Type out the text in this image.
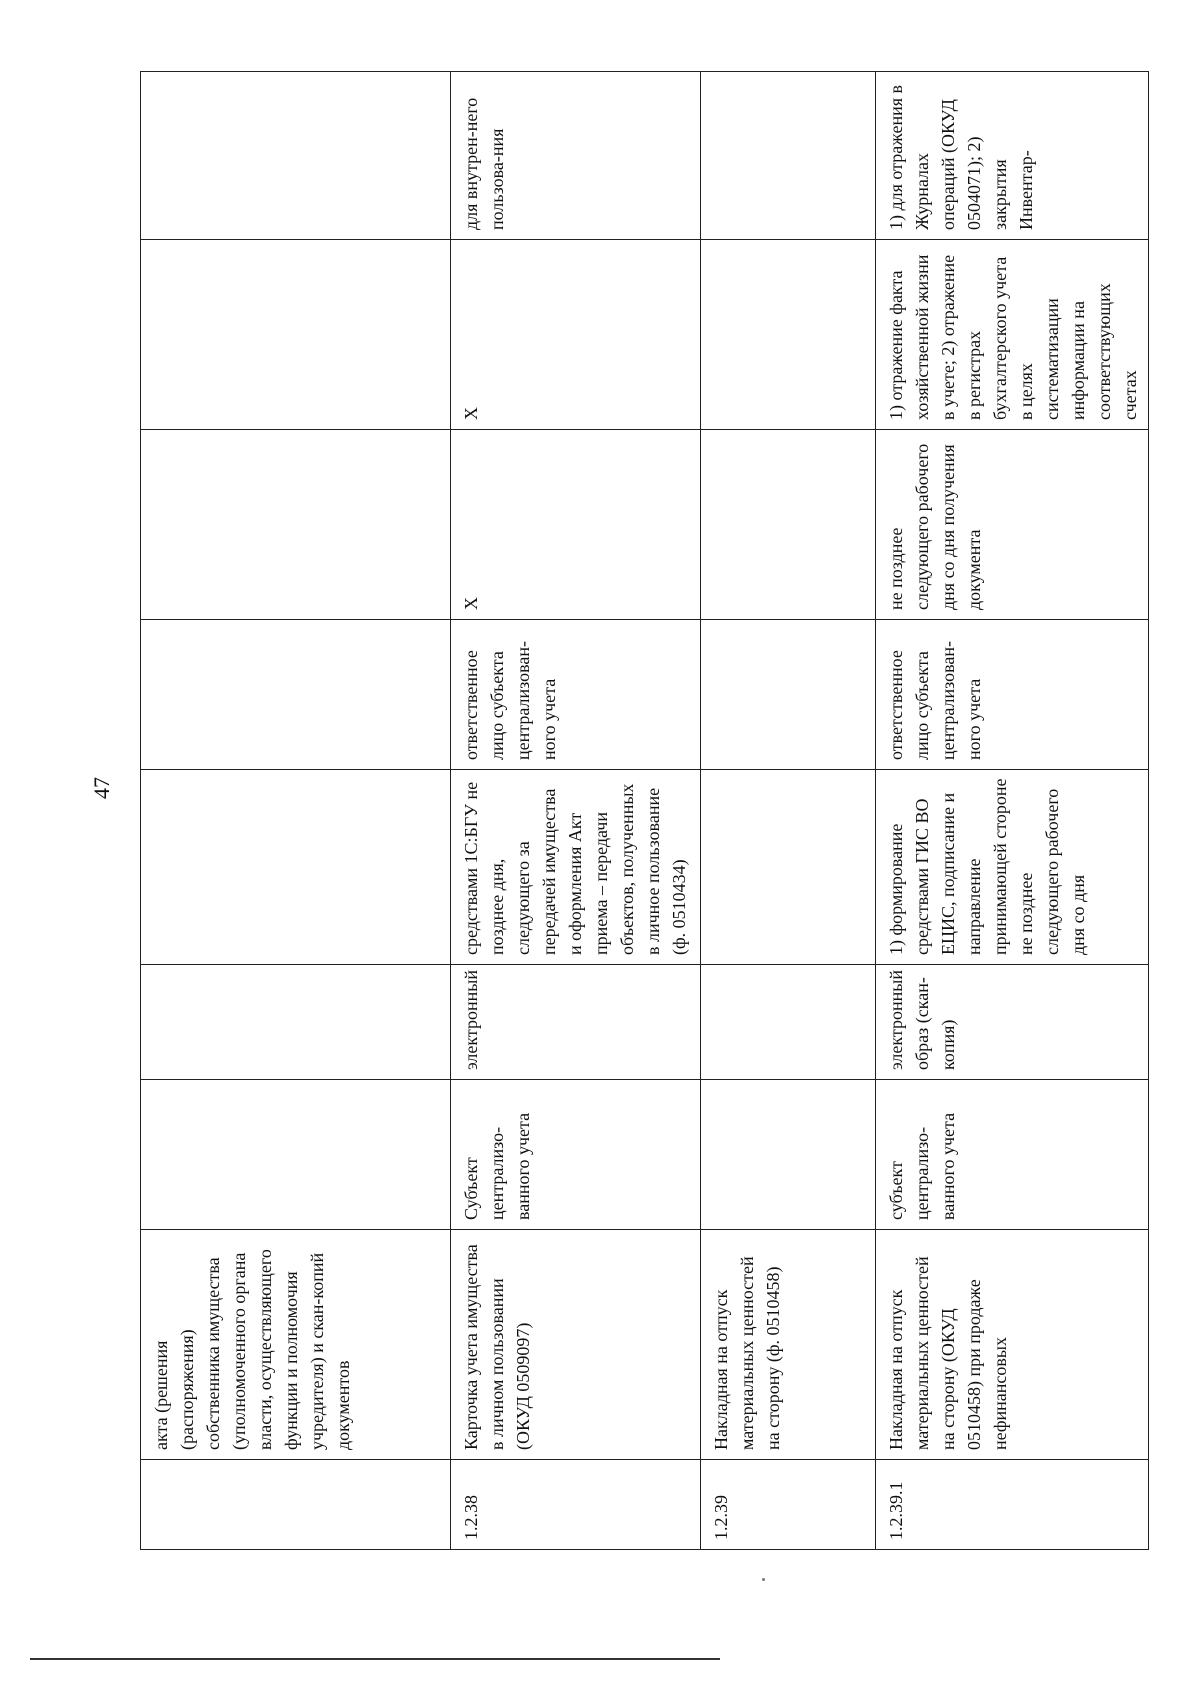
47
	акта (решения (распоряжения) собственника имущества (уполномоченного органа власти, осуществляющего функции и полномочия учредителя) и скан-копий документов							
1.2.38	Карточка учета имущества в личном пользовании (ОКУД 0509097)	Субъект централизо-ванного учета	электронный	средствами 1С:БГУ не позднее дня, следующего за передачей имущества и оформления Акт приема – передачи объектов, полученных в личное пользование (ф. 0510434)	ответственное лицо субъекта централизован-ного учета	X	X	для внутрен-него пользова-ния
1.2.39	Накладная на отпуск материальных ценностей на сторону (ф. 0510458)							
1.2.39.1	Накладная на отпуск материальных ценностей на сторону (ОКУД 0510458) при продаже нефинансовых	субъект централизо-ванного учета	электронный образ (скан-копия)	1) формирование средствами ГИС ВО ЕЦИС, подписание и направление принимающей стороне не позднее следующего рабочего дня со дня	ответственное лицо субъекта централизован-ного учета	не позднее следующего рабочего дня со дня получения документа	1) отражение факта хозяйственной жизни в учете; 2) отражение в регистрах бухгалтерского учета в целях систематизации информации на соответствующих счетах	1) для отражения в Журналах операций (ОКУД 0504071); 2) закрытия Инвентар-
